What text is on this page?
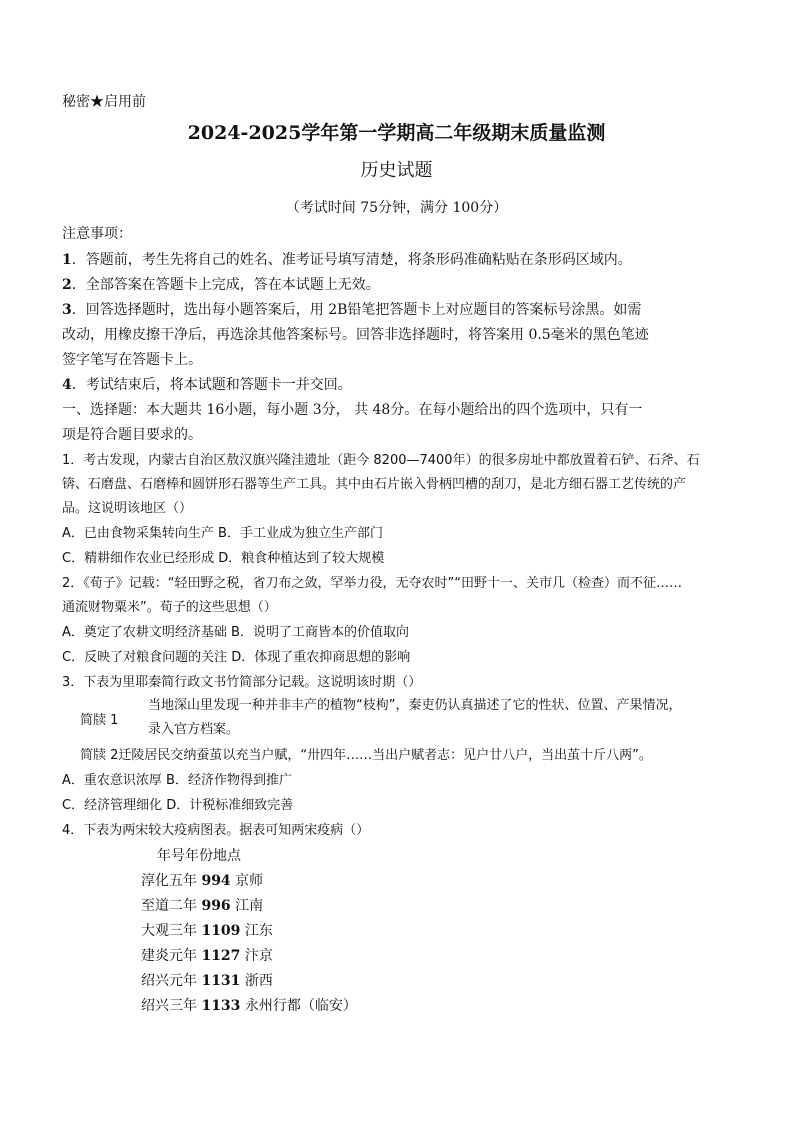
秘密★启用前
2024-2025学年第一学期高二年级期末质量监测
历史试题
（考试时间 75分钟，满分 100分）
注意事项：
1．答题前，考生先将自己的姓名、准考证号填写清楚，将条形码准确粘贴在条形码区域内。
2．全部答案在答题卡上完成，答在本试题上无效。
3．回答选择题时，选出每小题答案后，用 2B铅笔把答题卡上对应题目的答案标号涂黑。如需
改动，用橡皮擦干净后，再选涂其他答案标号。回答非选择题时，将答案用 0.5毫米的黑色笔迹
签字笔写在答题卡上。
4．考试结束后，将本试题和答题卡一并交回。
一、选择题：本大题共 16小题，每小题 3分， 共 48分。在每小题给出的四个选项中，只有一
项是符合题目要求的。
1．考古发现，内蒙古自治区敖汉旗兴隆洼遗址（距今 8200—7400年）的很多房址中都放置着石铲、石斧、石
锛、石磨盘、石磨棒和圆饼形石器等生产工具。其中由石片嵌入骨柄凹槽的刮刀，是北方细石器工艺传统的产
品。这说明该地区（）
A．已由食物采集转向生产 B．手工业成为独立生产部门
C．精耕细作农业已经形成 D．粮食种植达到了较大规模
2．《荀子》记载：“轻田野之税，省刀布之敛，罕举力役，无夺农时”“田野十一、关市几（检查）而不征……
通流财物粟米”。荀子的这些思想（）
A．奠定了农耕文明经济基础 B．说明了工商皆本的价值取向
C．反映了对粮食问题的关注 D．体现了重农抑商思想的影响
3．下表为里耶秦简行政文书竹简部分记载。这说明该时期（）
简牍 1
当地深山里发现一种并非丰产的植物“枝枸”，秦吏仍认真描述了它的性状、位置、产果情况，
录入官方档案。
简牍 2迁陵居民交纳蚕茧以充当户赋，“卅四年……当出户赋者志：见户廿八户，当出茧十斤八两”。
A．重农意识浓厚 B．经济作物得到推广
C．经济管理细化 D．计税标准细致完善
4．下表为两宋较大疫病图表。据表可知两宋疫病（）
年号年份地点
淳化五年 994 京师
至道二年 996 江南
大观三年 1109 江东
建炎元年 1127 汴京
绍兴元年 1131 浙西
绍兴三年 1133 永州行都（临安）
